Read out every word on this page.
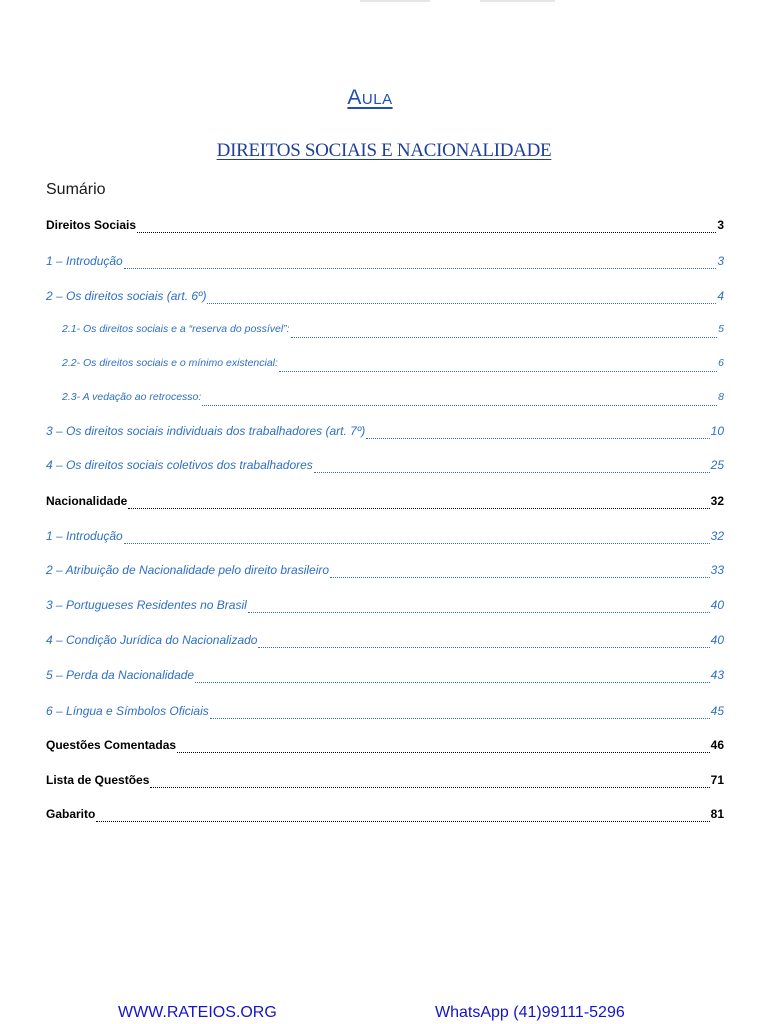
Aula
DIREITOS SOCIAIS E NACIONALIDADE
Sumário
Direitos Sociais	3
1 – Introdução	3
2 – Os direitos sociais (art. 6º)	4
2.1- Os direitos sociais e a “reserva do possível”:	5
2.2- Os direitos sociais e o mínimo existencial:	6
2.3- A vedação ao retrocesso:	8
3 – Os direitos sociais individuais dos trabalhadores (art. 7º)	10
4 – Os direitos sociais coletivos dos trabalhadores	25
Nacionalidade	32
1 – Introdução	32
2 – Atribuição de Nacionalidade pelo direito brasileiro	33
3 – Portugueses Residentes no Brasil	40
4 – Condição Jurídica do Nacionalizado	40
5 – Perda da Nacionalidade	43
6 – Língua e Símbolos Oficiais	45
Questões Comentadas	46
Lista de Questões	71
Gabarito	81
WWW.RATEIOS.ORG	WhatsApp (41)99111-5296
